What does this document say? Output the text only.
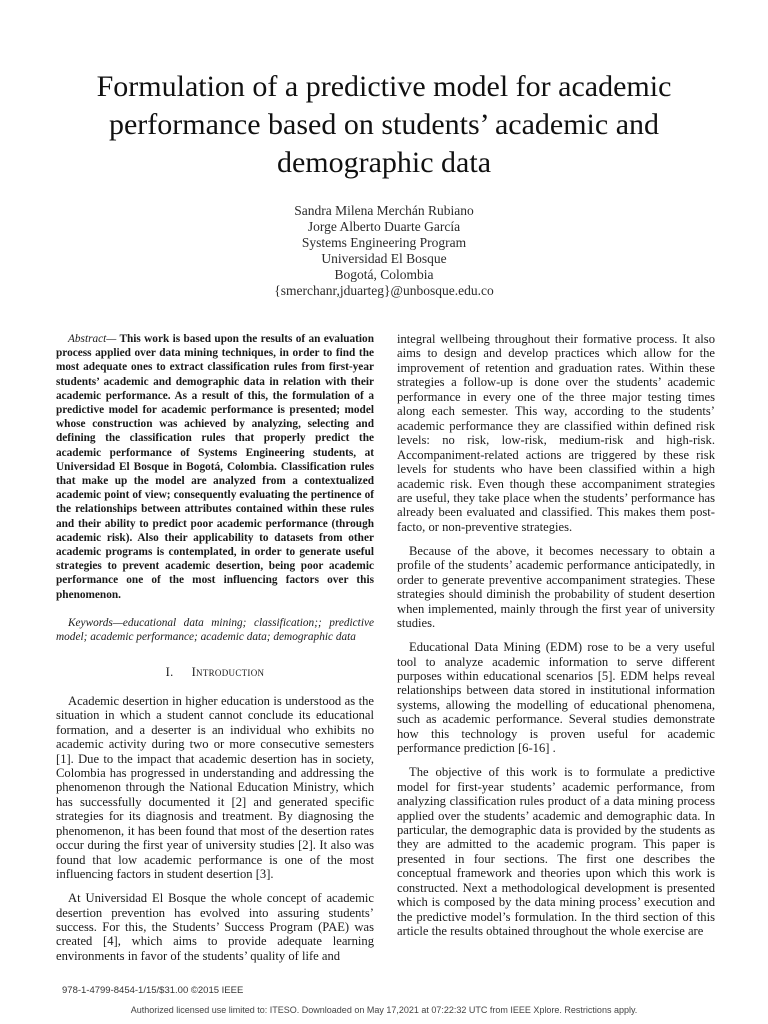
Formulation of a predictive model for academic performance based on students’ academic and demographic data
Sandra Milena Merchán Rubiano
Jorge Alberto Duarte García
Systems Engineering Program
Universidad El Bosque
Bogotá, Colombia
{smerchanr,jduarteg}@unbosque.edu.co
Abstract— This work is based upon the results of an evaluation process applied over data mining techniques, in order to find the most adequate ones to extract classification rules from first-year students’ academic and demographic data in relation with their academic performance. As a result of this, the formulation of a predictive model for academic performance is presented; model whose construction was achieved by analyzing, selecting and defining the classification rules that properly predict the academic performance of Systems Engineering students, at Universidad El Bosque in Bogotá, Colombia. Classification rules that make up the model are analyzed from a contextualized academic point of view; consequently evaluating the pertinence of the relationships between attributes contained within these rules and their ability to predict poor academic performance (through academic risk). Also their applicability to datasets from other academic programs is contemplated, in order to generate useful strategies to prevent academic desertion, being poor academic performance one of the most influencing factors over this phenomenon.
Keywords—educational data mining; classification;; predictive model; academic performance; academic data; demographic data
I. Introduction

Academic desertion in higher education is understood as the situation in which a student cannot conclude its educational formation, and a deserter is an individual who exhibits no academic activity during two or more consecutive semesters [1]. Due to the impact that academic desertion has in society, Colombia has progressed in understanding and addressing the phenomenon through the National Education Ministry, which has successfully documented it [2] and generated specific strategies for its diagnosis and treatment. By diagnosing the phenomenon, it has been found that most of the desertion rates occur during the first year of university studies [2]. It also was found that low academic performance is one of the most influencing factors in student desertion [3].

At Universidad El Bosque the whole concept of academic desertion prevention has evolved into assuring students’ success. For this, the Students’ Success Program (PAE) was created [4], which aims to provide adequate learning environments in favor of the students’ quality of life and

integral wellbeing throughout their formative process. It also aims to design and develop practices which allow for the improvement of retention and graduation rates. Within these strategies a follow-up is done over the students’ academic performance in every one of the three major testing times along each semester. This way, according to the students’ academic performance they are classified within defined risk levels: no risk, low-risk, medium-risk and high-risk. Accompaniment-related actions are triggered by these risk levels for students who have been classified within a high academic risk. Even though these accompaniment strategies are useful, they take place when the students’ performance has already been evaluated and classified. This makes them post-facto, or non-preventive strategies.

Because of the above, it becomes necessary to obtain a profile of the students’ academic performance anticipatedly, in order to generate preventive accompaniment strategies. These strategies should diminish the probability of student desertion when implemented, mainly through the first year of university studies.

Educational Data Mining (EDM) rose to be a very useful tool to analyze academic information to serve different purposes within educational scenarios [5]. EDM helps reveal relationships between data stored in institutional information systems, allowing the modelling of educational phenomena, such as academic performance. Several studies demonstrate how this technology is proven useful for academic performance prediction [6-16] .

The objective of this work is to formulate a predictive model for first-year students’ academic performance, from analyzing classification rules product of a data mining process applied over the students’ academic and demographic data. In particular, the demographic data is provided by the students as they are admitted to the academic program. This paper is presented in four sections. The first one describes the conceptual framework and theories upon which this work is constructed. Next a methodological development is presented which is composed by the data mining process’ execution and the predictive model’s formulation. In the third section of this article the results obtained throughout the whole exercise are

978-1-4799-8454-1/15/$31.00 ©2015 IEEE
Authorized licensed use limited to: ITESO. Downloaded on May 17,2021 at 07:22:32 UTC from IEEE Xplore. Restrictions apply.
